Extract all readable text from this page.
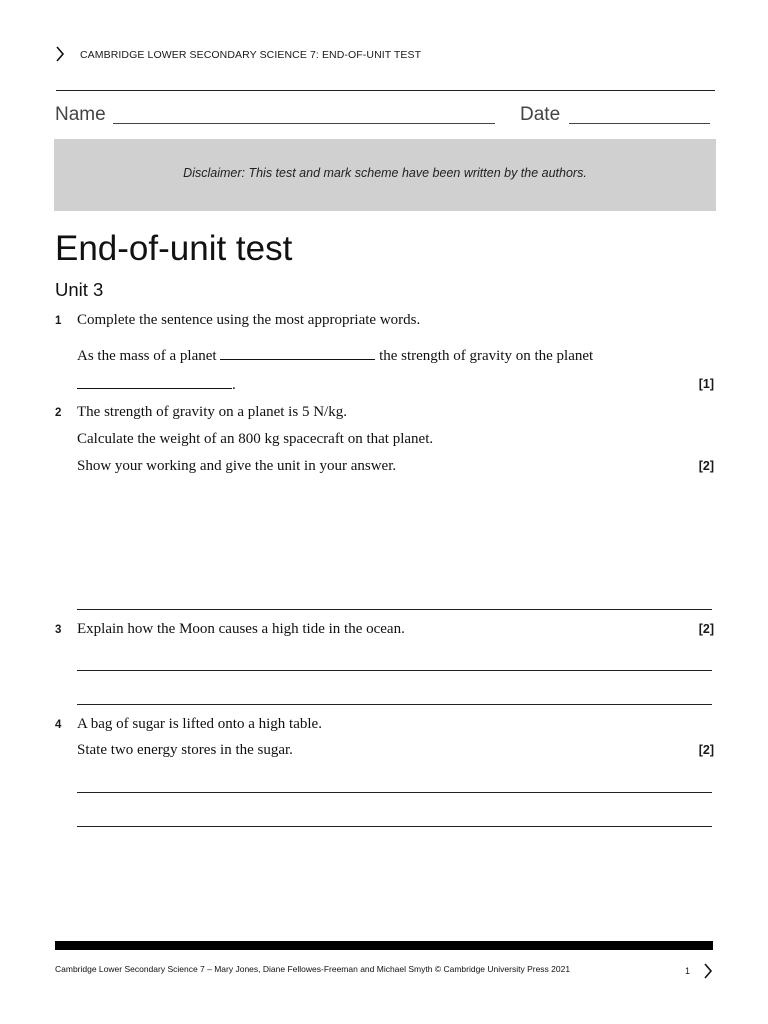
CAMBRIDGE LOWER SECONDARY SCIENCE 7: END-OF-UNIT TEST
Name	Date
Disclaimer: This test and mark scheme have been written by the authors.
End-of-unit test
Unit 3
1 Complete the sentence using the most appropriate words.
As the mass of a planet	the strength of gravity on the planet
.	[1]
2 The strength of gravity on a planet is 5 N/kg.
Calculate the weight of an 800 kg spacecraft on that planet.
Show your working and give the unit in your answer.	[2]
3 Explain how the Moon causes a high tide in the ocean.	[2]
4 A bag of sugar is lifted onto a high table.
State two energy stores in the sugar.	[2]
Cambridge Lower Secondary Science 7 – Mary Jones, Diane Fellowes-Freeman and Michael Smyth © Cambridge University Press 2021	1
